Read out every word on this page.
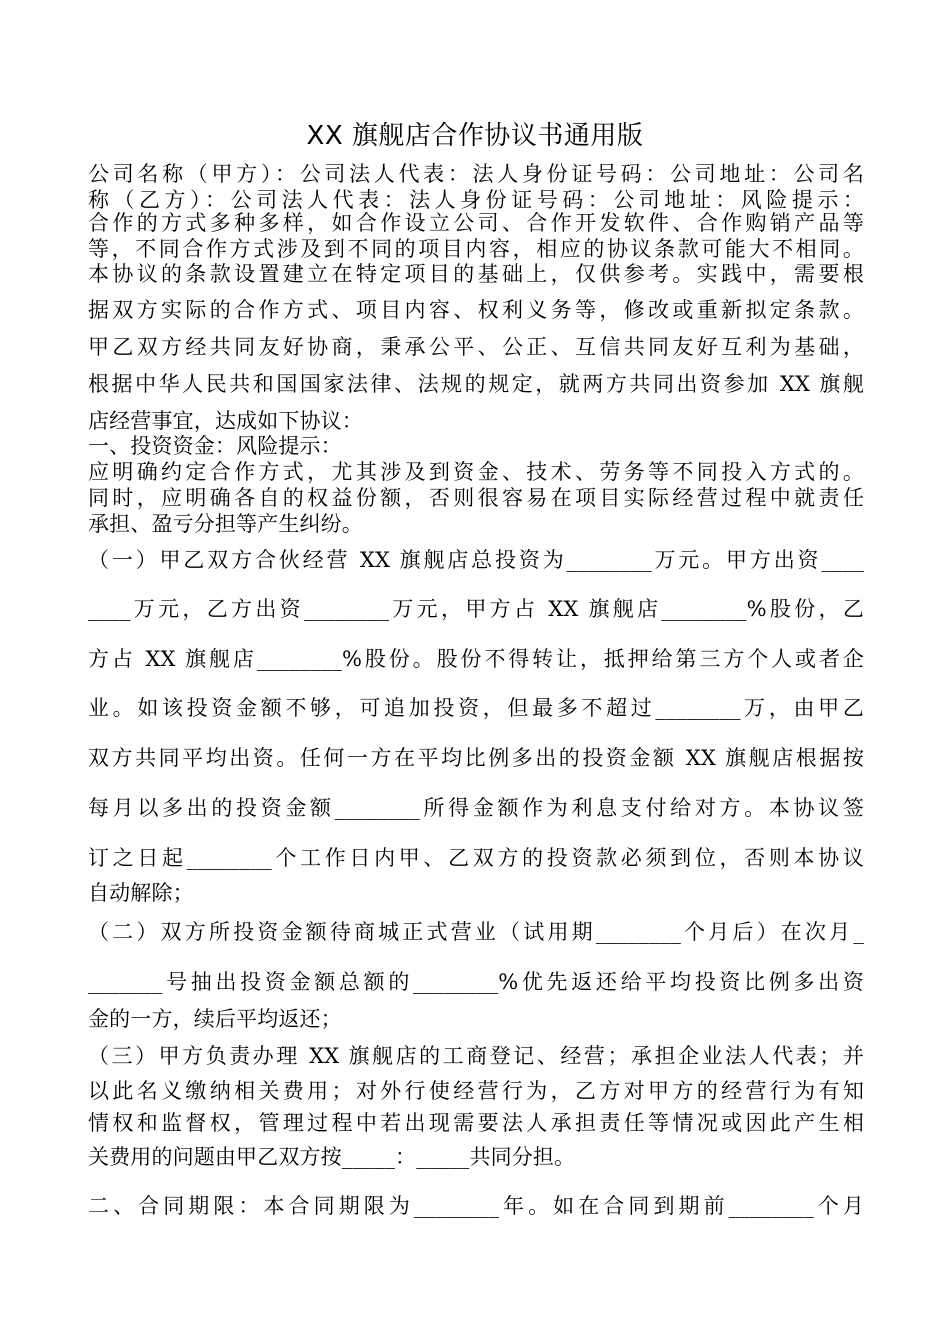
XX 旗舰店合作协议书通用版
公司名称（甲方）：公司法人代表：法人身份证号码：公司地址：公司名
称（乙方）：公司法人代表：法人身份证号码：公司地址：风险提示：
合作的方式多种多样，如合作设立公司、合作开发软件、合作购销产品等
等，不同合作方式涉及到不同的项目内容，相应的协议条款可能大不相同。
本协议的条款设置建立在特定项目的基础上，仅供参考。实践中，需要根
据双方实际的合作方式、项目内容、权利义务等，修改或重新拟定条款。
甲乙双方经共同友好协商，秉承公平、公正、互信共同友好互利为基础，
根据中华人民共和国国家法律、法规的规定，就两方共同出资参加 XX 旗舰
店经营事宜，达成如下协议：
一、投资资金：风险提示：
应明确约定合作方式，尤其涉及到资金、技术、劳务等不同投入方式的。
同时，应明确各自的权益份额，否则很容易在项目实际经营过程中就责任
承担、盈亏分担等产生纠纷。
（一）甲乙双方合伙经营 XX 旗舰店总投资为________万元。甲方出资____
____万元，乙方出资________万元，甲方占 XX 旗舰店________%股份，乙
方占 XX 旗舰店________%股份。股份不得转让，抵押给第三方个人或者企
业。如该投资金额不够，可追加投资，但最多不超过________万，由甲乙
双方共同平均出资。任何一方在平均比例多出的投资金额 XX 旗舰店根据按
每月以多出的投资金额________所得金额作为利息支付给对方。本协议签
订之日起________个工作日内甲、乙双方的投资款必须到位，否则本协议
自动解除；
（二）双方所投资金额待商城正式营业（试用期________个月后）在次月_
_______号抽出投资金额总额的________%优先返还给平均投资比例多出资
金的一方，续后平均返还；
（三）甲方负责办理 XX 旗舰店的工商登记、经营；承担企业法人代表；并
以此名义缴纳相关费用；对外行使经营行为，乙方对甲方的经营行为有知
情权和监督权，管理过程中若出现需要法人承担责任等情况或因此产生相
关费用的问题由甲乙双方按_____：_____共同分担。
二、合同期限：本合同期限为________年。如在合同到期前________个月
